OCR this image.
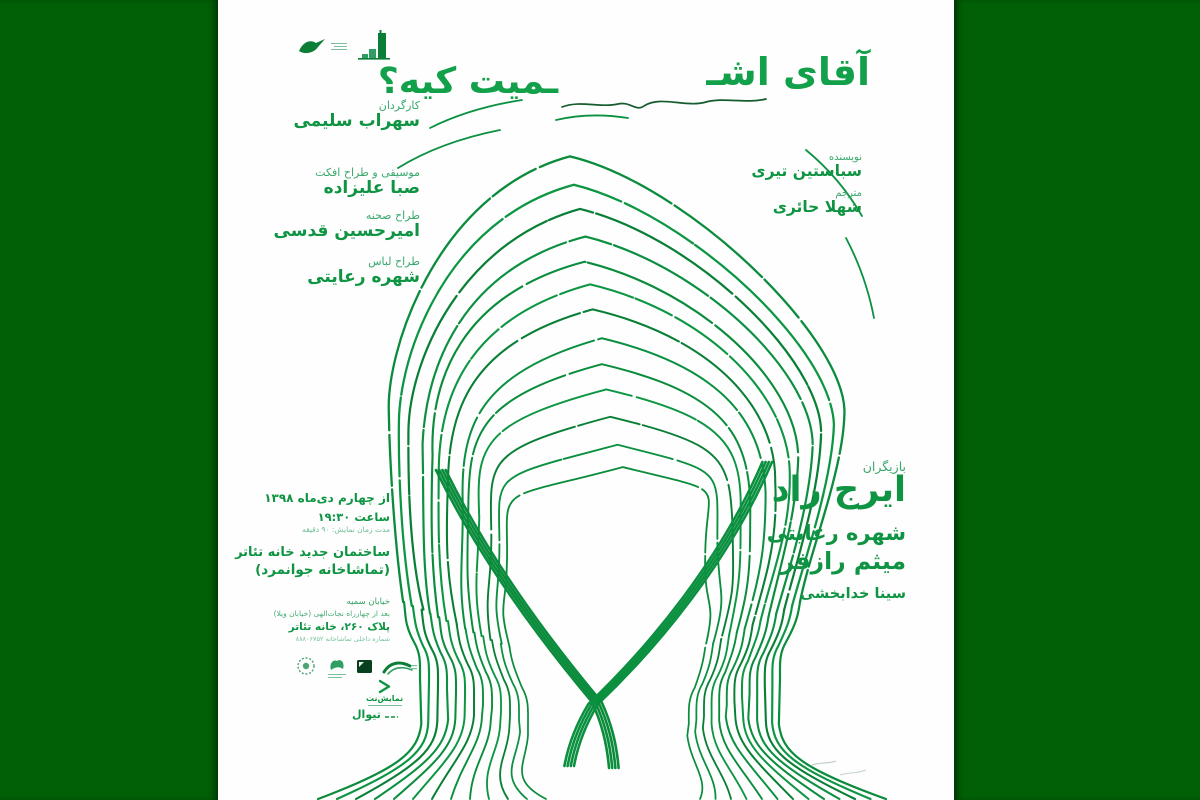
آقای اشـ
ـمیت کیه؟
کارگردان
سهراب سلیمی
موسیقی و طراح افکت
صبا علیزاده
طراح صحنه
امیرحسین قدسی
طراح لباس
شهره رعایتی
نویسنده
سباستین تیری
مترجم
شهلا حائری
بازیگران
ایرج راد
شهره رعایتی
میثم رازفر
سینا خدابخشی
از چهارم دی‌ماه ۱۳۹۸
ساعت ۱۹:۳۰
مدت زمان نمایش: ۹۰ دقیقه
ساختمان جدید خانه تئاتر
(تماشاخانه جوانمرد)
خیابان سمیه
بعد از چهارراه نجات‌الهی (خیابان ویلا)
پلاک ۲۶۰، خانه تئاتر
شماره داخلی تماشاخانه ۸۸۸۰۶۷۵۲
نمایش‌نت
تیوال
